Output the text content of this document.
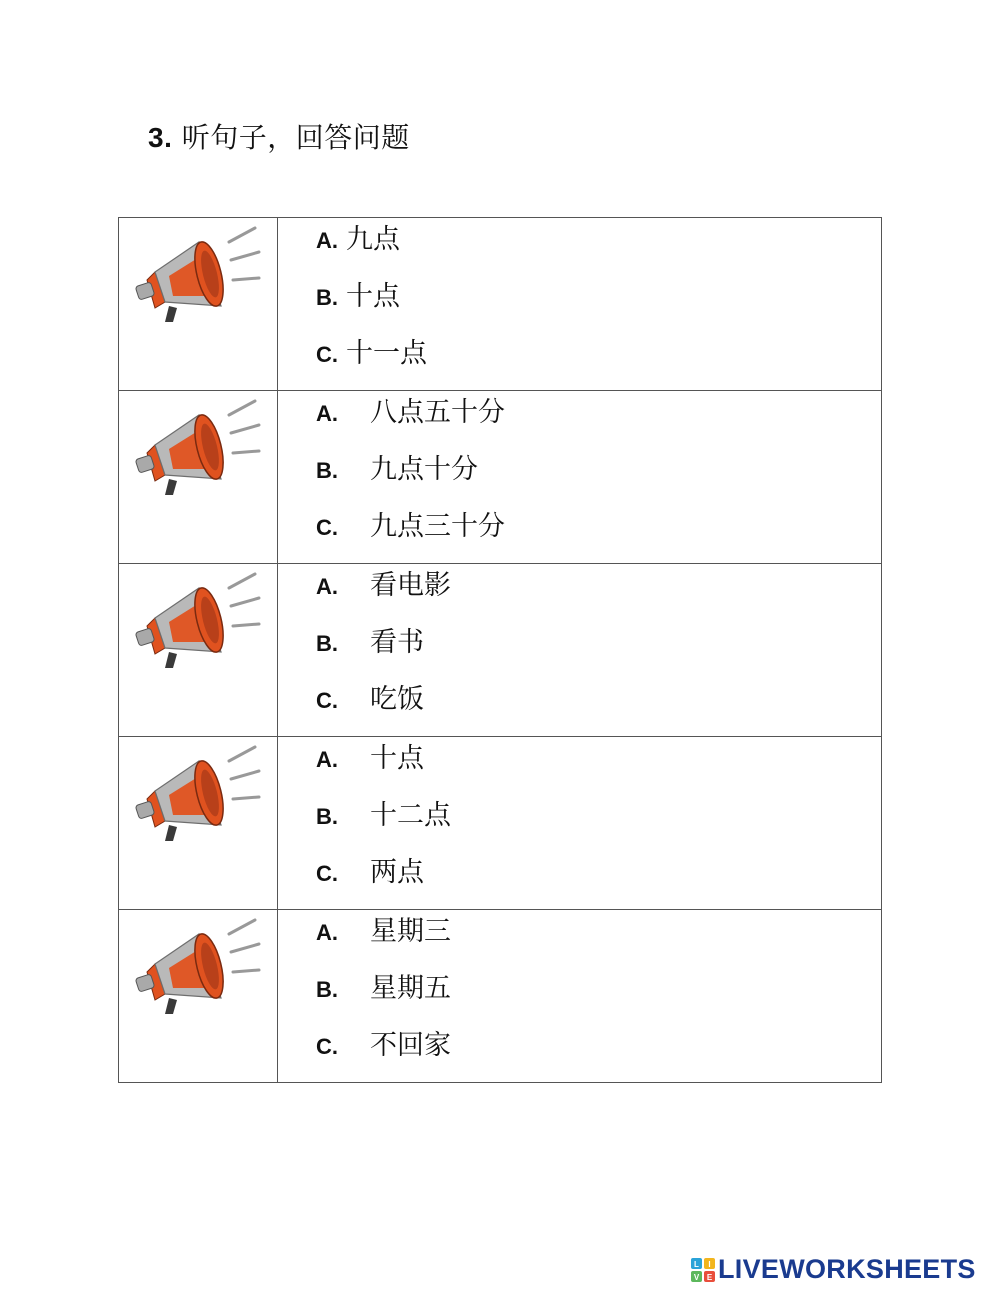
3. 听句子，回答问题

A. 九点
B. 十点
C. 十一点

A. 八点五十分
B. 九点十分
C. 九点三十分

A. 看电影
B. 看书
C. 吃饭

A. 十点
B. 十二点
C. 两点

A. 星期三
B. 星期五
C. 不回家
L I
V E LIVEWORKSHEETS
